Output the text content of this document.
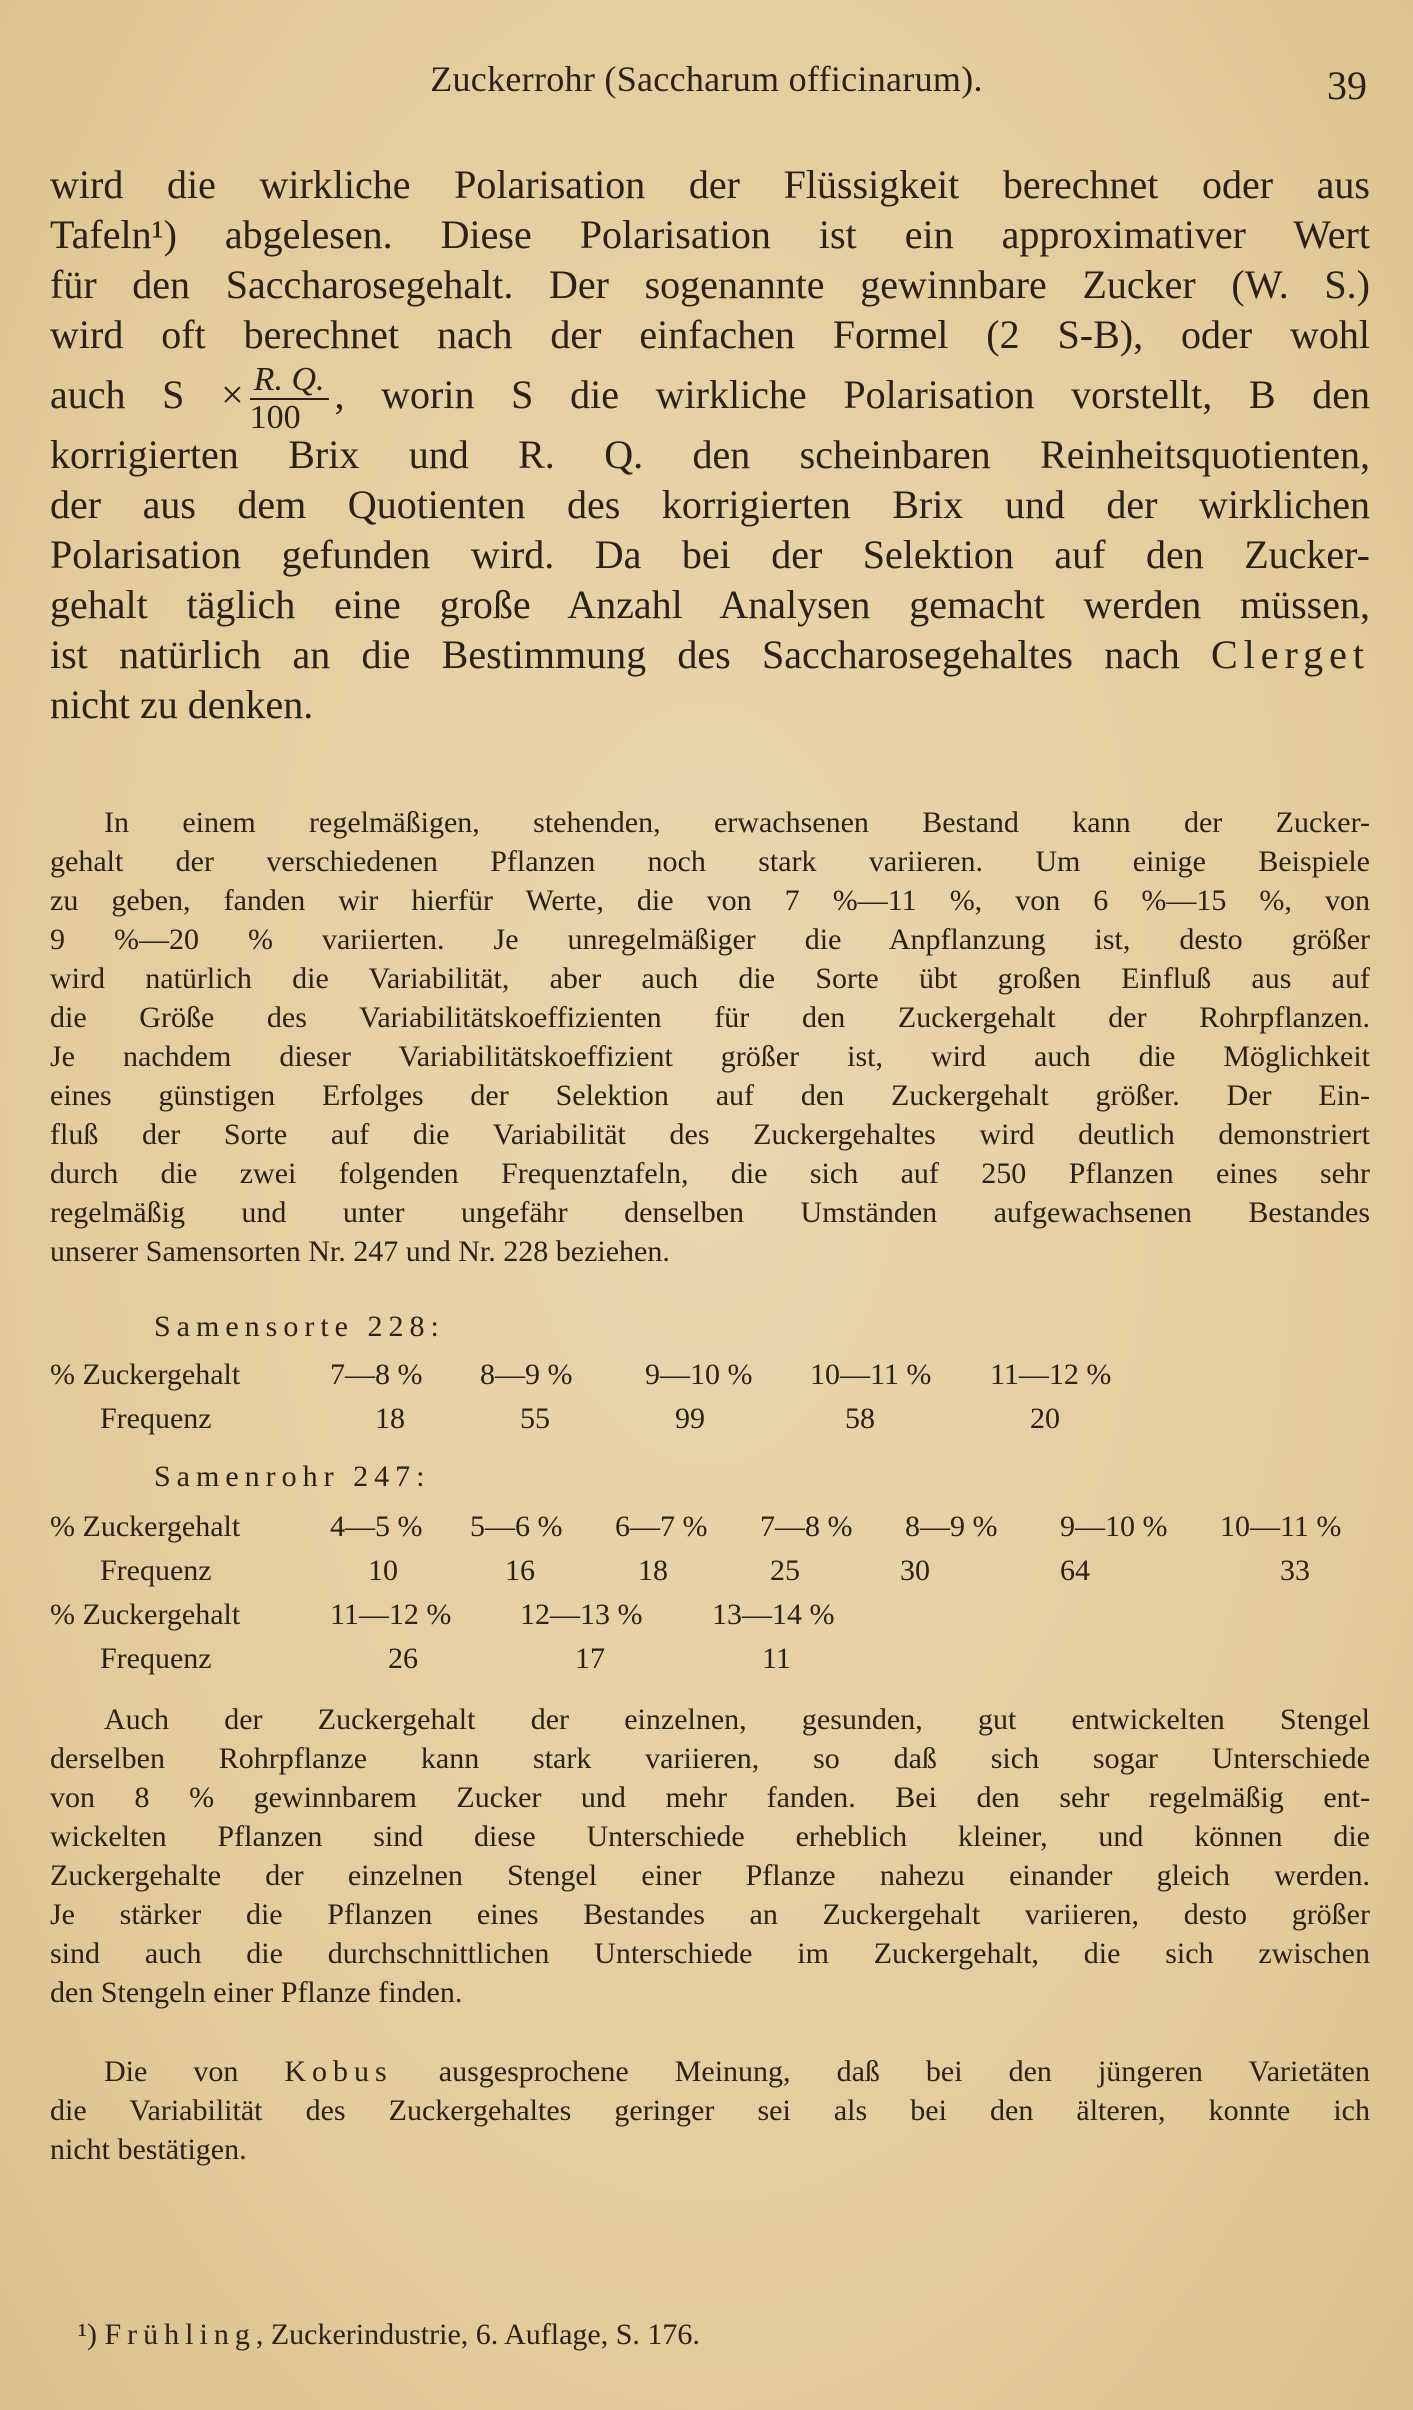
Zuckerrohr (Saccharum officinarum).	39
wird die wirkliche Polarisation der Flüssigkeit berechnet oder aus
Tafeln¹) abgelesen. Diese Polarisation ist ein approximativer Wert
für den Saccharosegehalt. Der sogenannte gewinnbare Zucker (W. S.)
wird oft berechnet nach der einfachen Formel (2 S-B), oder wohl
auch $S \times \frac{R. Q.}{100}$ , worin S die wirkliche Polarisation vorstellt, B den
korrigierten Brix und R. Q. den scheinbaren Reinheitsquotienten,
der aus dem Quotienten des korrigierten Brix und der wirklichen
Polarisation gefunden wird. Da bei der Selektion auf den Zucker-
gehalt täglich eine große Anzahl Analysen gemacht werden müssen,
ist natürlich an die Bestimmung des Saccharosegehaltes nach Clerget
nicht zu denken.
In einem regelmäßigen, stehenden, erwachsenen Bestand kann der Zucker-
gehalt der verschiedenen Pflanzen noch stark variieren. Um einige Beispiele
zu geben, fanden wir hierfür Werte, die von 7 %—11 %, von 6 %—15 %, von
9 %—20 % variierten. Je unregelmäßiger die Anpflanzung ist, desto größer
wird natürlich die Variabilität, aber auch die Sorte übt großen Einfluß aus auf
die Größe des Variabilitätskoeffizienten für den Zuckergehalt der Rohrpflanzen.
Je nachdem dieser Variabilitätskoeffizient größer ist, wird auch die Möglichkeit
eines günstigen Erfolges der Selektion auf den Zuckergehalt größer. Der Ein-
fluß der Sorte auf die Variabilität des Zuckergehaltes wird deutlich demonstriert
durch die zwei folgenden Frequenztafeln, die sich auf 250 Pflanzen eines sehr
regelmäßig und unter ungefähr denselben Umständen aufgewachsenen Bestandes
unserer Samensorten Nr. 247 und Nr. 228 beziehen.
Samensorte 228:
% Zuckergehalt	7—8 % 8—9 % 9—10 % 10—11 % 11—12 %
Frequenz	18	55	99	58	20
Samenrohr 247:
% Zuckergehalt	4—5 % 5—6 % 6—7 % 7—8 % 8—9 % 9—10 % 10—11 %
Frequenz	10	16	18	25	30	64	33
% Zuckergehalt	11—12 % 12—13 % 13—14 %
Frequenz	26	17	11
Auch der Zuckergehalt der einzelnen, gesunden, gut entwickelten Stengel
derselben Rohrpflanze kann stark variieren, so daß sich sogar Unterschiede
von 8 % gewinnbarem Zucker und mehr fanden. Bei den sehr regelmäßig ent-
wickelten Pflanzen sind diese Unterschiede erheblich kleiner, und können die
Zuckergehalte der einzelnen Stengel einer Pflanze nahezu einander gleich werden.
Je stärker die Pflanzen eines Bestandes an Zuckergehalt variieren, desto größer
sind auch die durchschnittlichen Unterschiede im Zuckergehalt, die sich zwischen
den Stengeln einer Pflanze finden.
Die von Kobus ausgesprochene Meinung, daß bei den jüngeren Varietäten
die Variabilität des Zuckergehaltes geringer sei als bei den älteren, konnte ich
nicht bestätigen.
¹) Frühling, Zuckerindustrie, 6. Auflage, S. 176.
